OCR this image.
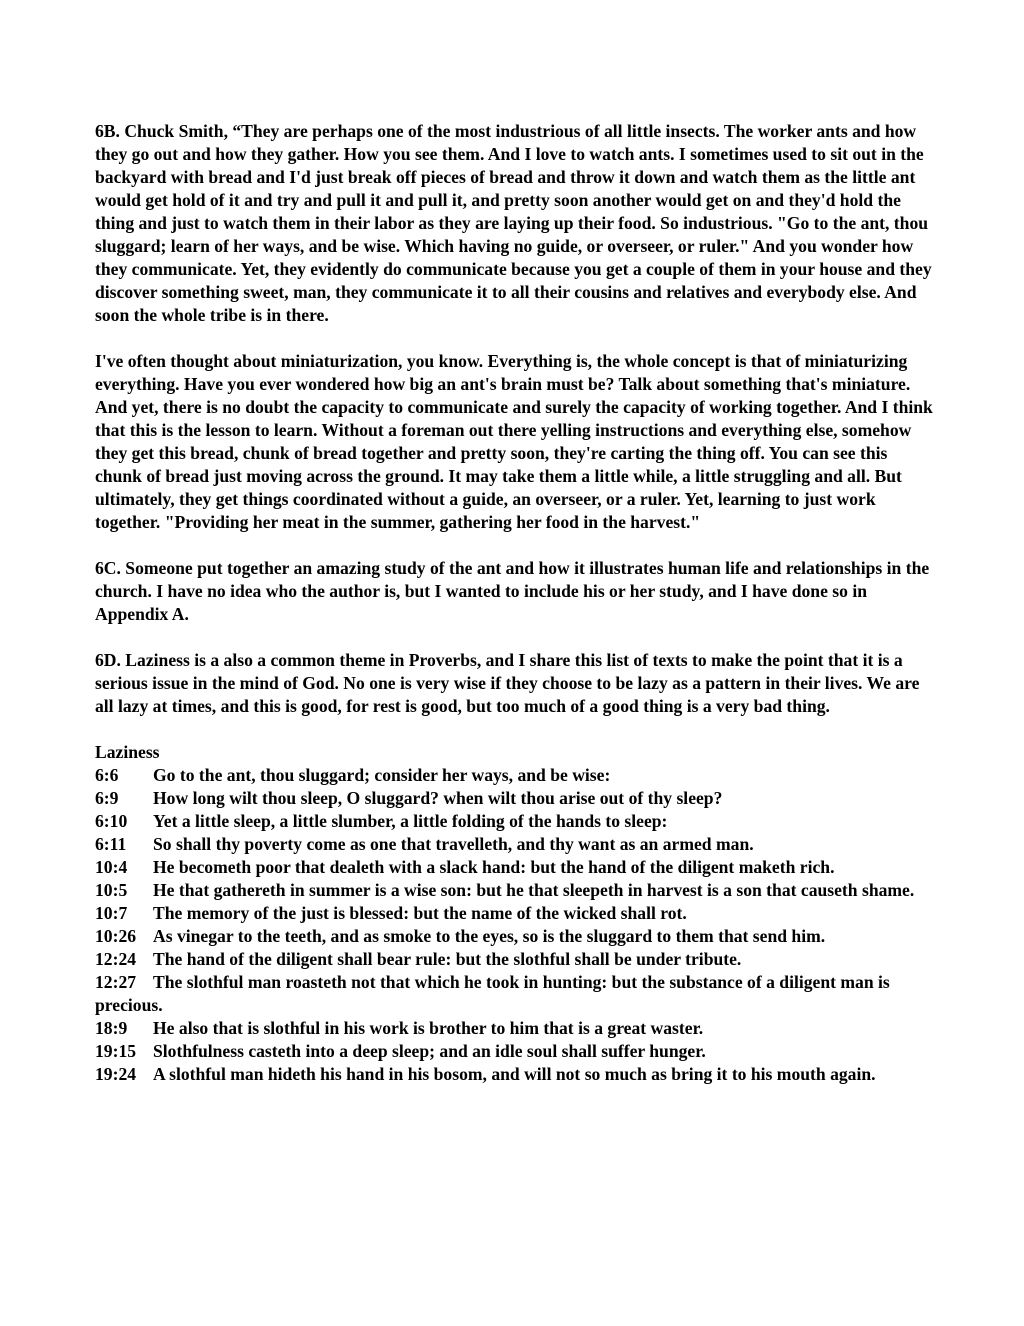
6B. Chuck Smith, “They are perhaps one of the most industrious of all little insects. The worker ants and how they go out and how they gather. How you see them. And I love to watch ants. I sometimes used to sit out in the backyard with bread and I'd just break off pieces of bread and throw it down and watch them as the little ant would get hold of it and try and pull it and pull it, and pretty soon another would get on and they'd hold the thing and just to watch them in their labor as they are laying up their food. So industrious. "Go to the ant, thou sluggard; learn of her ways, and be wise. Which having no guide, or overseer, or ruler." And you wonder how they communicate. Yet, they evidently do communicate because you get a couple of them in your house and they discover something sweet, man, they communicate it to all their cousins and relatives and everybody else. And soon the whole tribe is in there.

I've often thought about miniaturization, you know. Everything is, the whole concept is that of miniaturizing everything. Have you ever wondered how big an ant's brain must be? Talk about something that's miniature. And yet, there is no doubt the capacity to communicate and surely the capacity of working together. And I think that this is the lesson to learn. Without a foreman out there yelling instructions and everything else, somehow they get this bread, chunk of bread together and pretty soon, they're carting the thing off. You can see this chunk of bread just moving across the ground. It may take them a little while, a little struggling and all. But ultimately, they get things coordinated without a guide, an overseer, or a ruler. Yet, learning to just work together. "Providing her meat in the summer, gathering her food in the harvest."

6C. Someone put together an amazing study of the ant and how it illustrates human life and relationships in the church. I have no idea who the author is, but I wanted to include his or her study, and I have done so in Appendix A.

6D. Laziness is a also a common theme in Proverbs, and I share this list of texts to make the point that it is a serious issue in the mind of God. No one is very wise if they choose to be lazy as a pattern in their lives. We are all lazy at times, and this is good, for rest is good, but too much of a good thing is a very bad thing.

Laziness

6:6 Go to the ant, thou sluggard; consider her ways, and be wise:

6:9 How long wilt thou sleep, O sluggard? when wilt thou arise out of thy sleep?

6:10 Yet a little sleep, a little slumber, a little folding of the hands to sleep:

6:11 So shall thy poverty come as one that travelleth, and thy want as an armed man.

10:4 He becometh poor that dealeth with a slack hand: but the hand of the diligent maketh rich.

10:5 He that gathereth in summer is a wise son: but he that sleepeth in harvest is a son that causeth shame.

10:7 The memory of the just is blessed: but the name of the wicked shall rot.

10:26 As vinegar to the teeth, and as smoke to the eyes, so is the sluggard to them that send him.

12:24 The hand of the diligent shall bear rule: but the slothful shall be under tribute.

12:27 The slothful man roasteth not that which he took in hunting: but the substance of a diligent man is precious.

18:9 He also that is slothful in his work is brother to him that is a great waster.

19:15 Slothfulness casteth into a deep sleep; and an idle soul shall suffer hunger.

19:24 A slothful man hideth his hand in his bosom, and will not so much as bring it to his mouth again.
